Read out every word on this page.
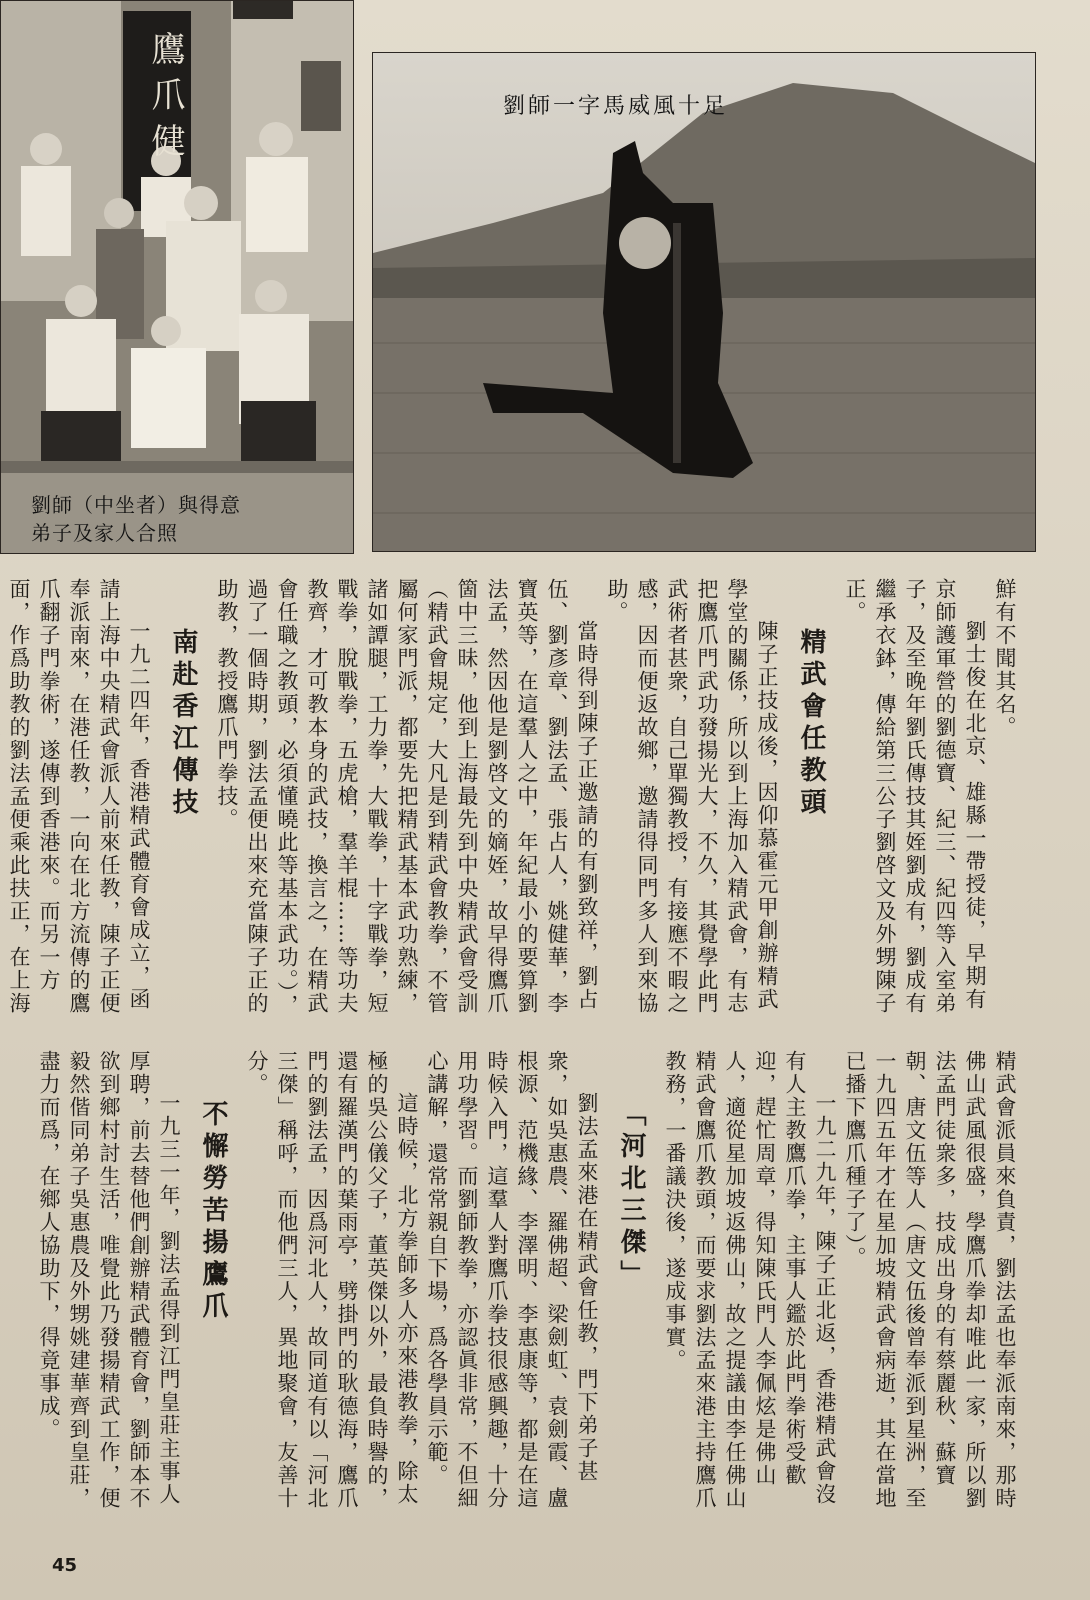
鷹爪健
劉師（中坐者）與得意
弟子及家人合照
劉師一字馬威風十足

鮮有不聞其名。

劉士俊在北京、雄縣一帶授徒，早期有京師護軍營的劉德寶、紀三、紀四等入室弟子，及至晚年劉氏傳技其姪劉成有，劉成有繼承衣鉢，傳給第三公子劉啓文及外甥陳子正。

精武會任教頭

陳子正技成後，因仰慕霍元甲創辦精武學堂的關係，所以到上海加入精武會，有志把鷹爪門武功發揚光大，不久，其覺學此門武術者甚衆，自己單獨教授，有接應不暇之感，因而便返故鄉，邀請得同門多人到來協助。

當時得到陳子正邀請的有劉致祥，劉占伍、劉彥章、劉法孟、張占人，姚健華，李寶英等，在這羣人之中，年紀最小的要算劉法孟，然因他是劉啓文的嫡姪，故早得鷹爪箇中三昧，他到上海最先到中央精武會受訓（精武會規定，大凡是到精武會教拳，不管屬何家門派，都要先把精武基本武功熟練，諸如譚腿，工力拳，大戰拳，十字戰拳，短戰拳，脫戰拳，五虎槍，羣羊棍……等功夫教齊，才可教本身的武技，換言之，在精武會任職之教頭，必須懂曉此等基本武功。），過了一個時期，劉法孟便出來充當陳子正的助教，教授鷹爪門拳技。

南赴香江傳技

一九二四年，香港精武體育會成立，函請上海中央精武會派人前來任教，陳子正便奉派南來，在港任教，一向在北方流傳的鷹爪翻子門拳術，遂傳到香港來。而另一方面，作爲助教的劉法孟便乘此扶正，在上海

精武會派員來負責，劉法孟也奉派南來，那時佛山武風很盛，學鷹爪拳却唯此一家，所以劉法孟門徒衆多，技成出身的有蔡麗秋、蘇寶朝、唐文伍等人（唐文伍後曾奉派到星洲，至一九四五年才在星加坡精武會病逝，其在當地已播下鷹爪種子了）。

一九二九年，陳子正北返，香港精武會沒有人主教鷹爪拳，主事人鑑於此門拳術受歡迎，趕忙周章，得知陳氏門人李佩炫是佛山人，適從星加坡返佛山，故之提議由李任佛山精武會鷹爪教頭，而要求劉法孟來港主持鷹爪教務，一番議決後，遂成事實。

「河北三傑」

劉法孟來港在精武會任教，門下弟子甚衆，如吳惠農、羅佛超、梁劍虹、袁劍霞、盧根源、范機緣、李澤明、李惠康等，都是在這時候入門，這羣人對鷹爪拳技很感興趣，十分用功學習。而劉師教拳，亦認眞非常，不但細心講解，還常常親自下場，爲各學員示範。

這時候，北方拳師多人亦來港教拳，除太極的吳公儀父子，董英傑以外，最負時譽的，還有羅漢門的葉雨亭，劈掛門的耿德海，鷹爪門的劉法孟，因爲河北人，故同道有以「河北三傑」稱呼，而他們三人，異地聚會，友善十分。

不懈勞苦揚鷹爪

一九三一年，劉法孟得到江門皇莊主事人厚聘，前去替他們創辦精武體育會，劉師本不欲到鄉村討生活，唯覺此乃發揚精武工作，便毅然偕同弟子吳惠農及外甥姚建華齊到皇莊，盡力而爲，在鄉人協助下，得竟事成。

45
